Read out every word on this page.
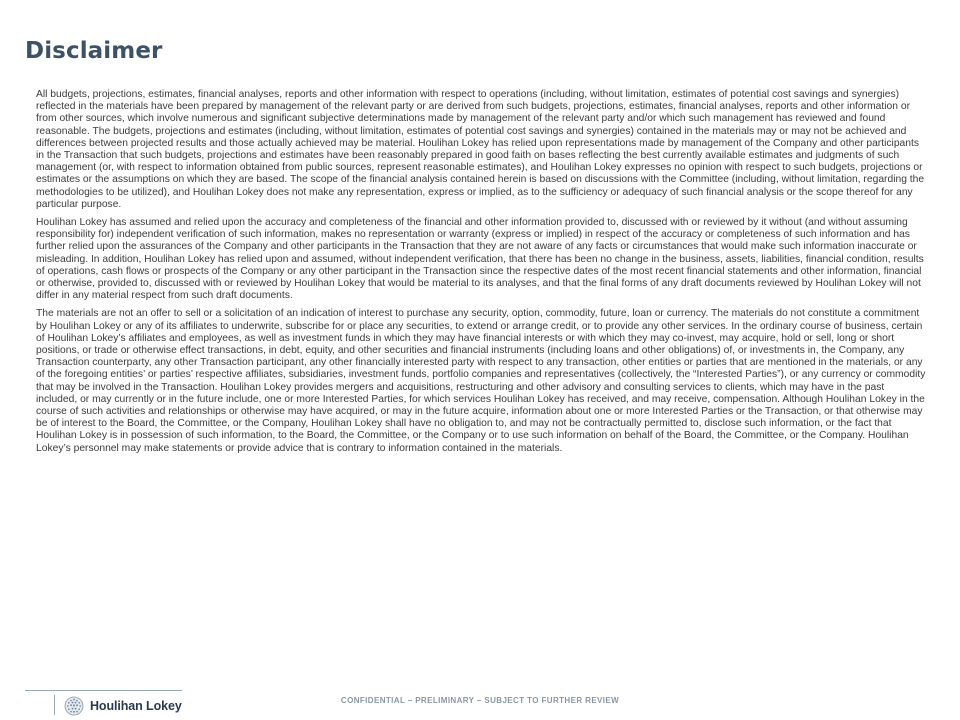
Disclaimer

All budgets, projections, estimates, financial analyses, reports and other information with respect to operations (including, without limitation, estimates of potential cost savings and synergies) reflected in the materials have been prepared by management of the relevant party or are derived from such budgets, projections, estimates, financial analyses, reports and other information or from other sources, which involve numerous and significant subjective determinations made by management of the relevant party and/or which such management has reviewed and found reasonable. The budgets, projections and estimates (including, without limitation, estimates of potential cost savings and synergies) contained in the materials may or may not be achieved and differences between projected results and those actually achieved may be material. Houlihan Lokey has relied upon representations made by management of the Company and other participants in the Transaction that such budgets, projections and estimates have been reasonably prepared in good faith on bases reflecting the best currently available estimates and judgments of such management (or, with respect to information obtained from public sources, represent reasonable estimates), and Houlihan Lokey expresses no opinion with respect to such budgets, projections or estimates or the assumptions on which they are based. The scope of the financial analysis contained herein is based on discussions with the Committee (including, without limitation, regarding the methodologies to be utilized), and Houlihan Lokey does not make any representation, express or implied, as to the sufficiency or adequacy of such financial analysis or the scope thereof for any particular purpose.

Houlihan Lokey has assumed and relied upon the accuracy and completeness of the financial and other information provided to, discussed with or reviewed by it without (and without assuming responsibility for) independent verification of such information, makes no representation or warranty (express or implied) in respect of the accuracy or completeness of such information and has further relied upon the assurances of the Company and other participants in the Transaction that they are not aware of any facts or circumstances that would make such information inaccurate or misleading. In addition, Houlihan Lokey has relied upon and assumed, without independent verification, that there has been no change in the business, assets, liabilities, financial condition, results of operations, cash flows or prospects of the Company or any other participant in the Transaction since the respective dates of the most recent financial statements and other information, financial or otherwise, provided to, discussed with or reviewed by Houlihan Lokey that would be material to its analyses, and that the final forms of any draft documents reviewed by Houlihan Lokey will not differ in any material respect from such draft documents.

The materials are not an offer to sell or a solicitation of an indication of interest to purchase any security, option, commodity, future, loan or currency. The materials do not constitute a commitment by Houlihan Lokey or any of its affiliates to underwrite, subscribe for or place any securities, to extend or arrange credit, or to provide any other services. In the ordinary course of business, certain of Houlihan Lokey’s affiliates and employees, as well as investment funds in which they may have financial interests or with which they may co-invest, may acquire, hold or sell, long or short positions, or trade or otherwise effect transactions, in debt, equity, and other securities and financial instruments (including loans and other obligations) of, or investments in, the Company, any Transaction counterparty, any other Transaction participant, any other financially interested party with respect to any transaction, other entities or parties that are mentioned in the materials, or any of the foregoing entities’ or parties’ respective affiliates, subsidiaries, investment funds, portfolio companies and representatives (collectively, the “Interested Parties”), or any currency or commodity that may be involved in the Transaction. Houlihan Lokey provides mergers and acquisitions, restructuring and other advisory and consulting services to clients, which may have in the past included, or may currently or in the future include, one or more Interested Parties, for which services Houlihan Lokey has received, and may receive, compensation. Although Houlihan Lokey in the course of such activities and relationships or otherwise may have acquired, or may in the future acquire, information about one or more Interested Parties or the Transaction, or that otherwise may be of interest to the Board, the Committee, or the Company, Houlihan Lokey shall have no obligation to, and may not be contractually permitted to, disclose such information, or the fact that Houlihan Lokey is in possession of such information, to the Board, the Committee, or the Company or to use such information on behalf of the Board, the Committee, or the Company. Houlihan Lokey’s personnel may make statements or provide advice that is contrary to information contained in the materials.

Houlihan Lokey	CONFIDENTIAL – PRELIMINARY – SUBJECT TO FURTHER REVIEW
